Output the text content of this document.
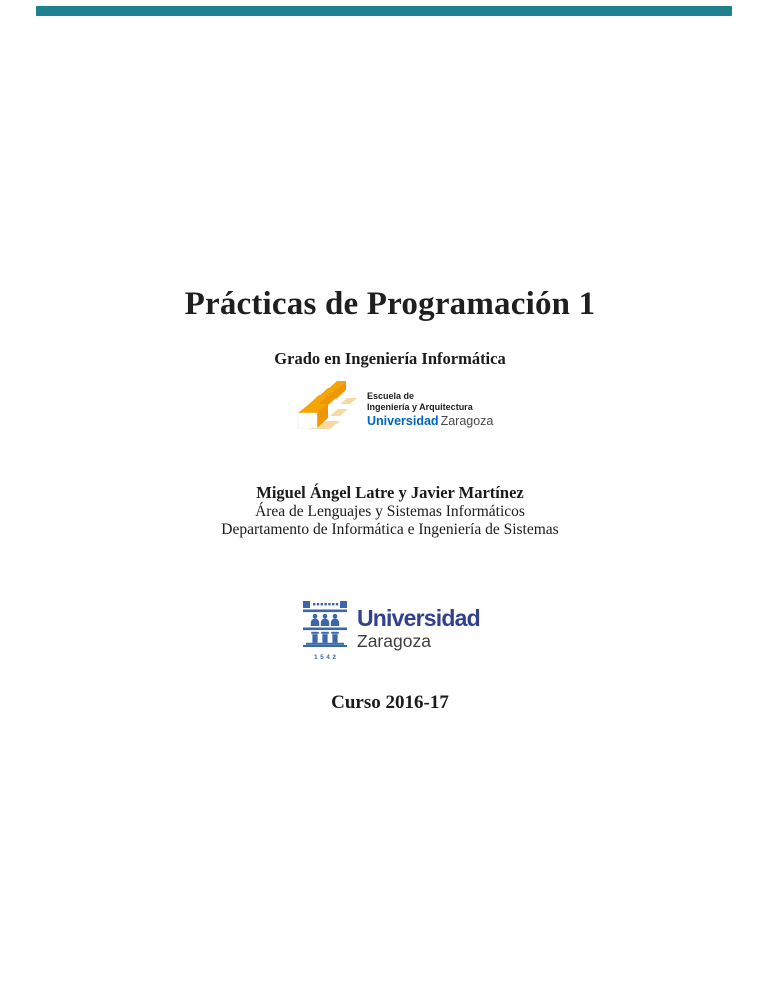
Prácticas de Programación 1
Grado en Ingeniería Informática
Escuela de
Ingeniería y Arquitectura
Universidad Zaragoza
Miguel Ángel Latre y Javier Martínez
Área de Lenguajes y Sistemas Informáticos
Departamento de Informática e Ingeniería de Sistemas
1542
Universidad
Zaragoza
Curso 2016-17
